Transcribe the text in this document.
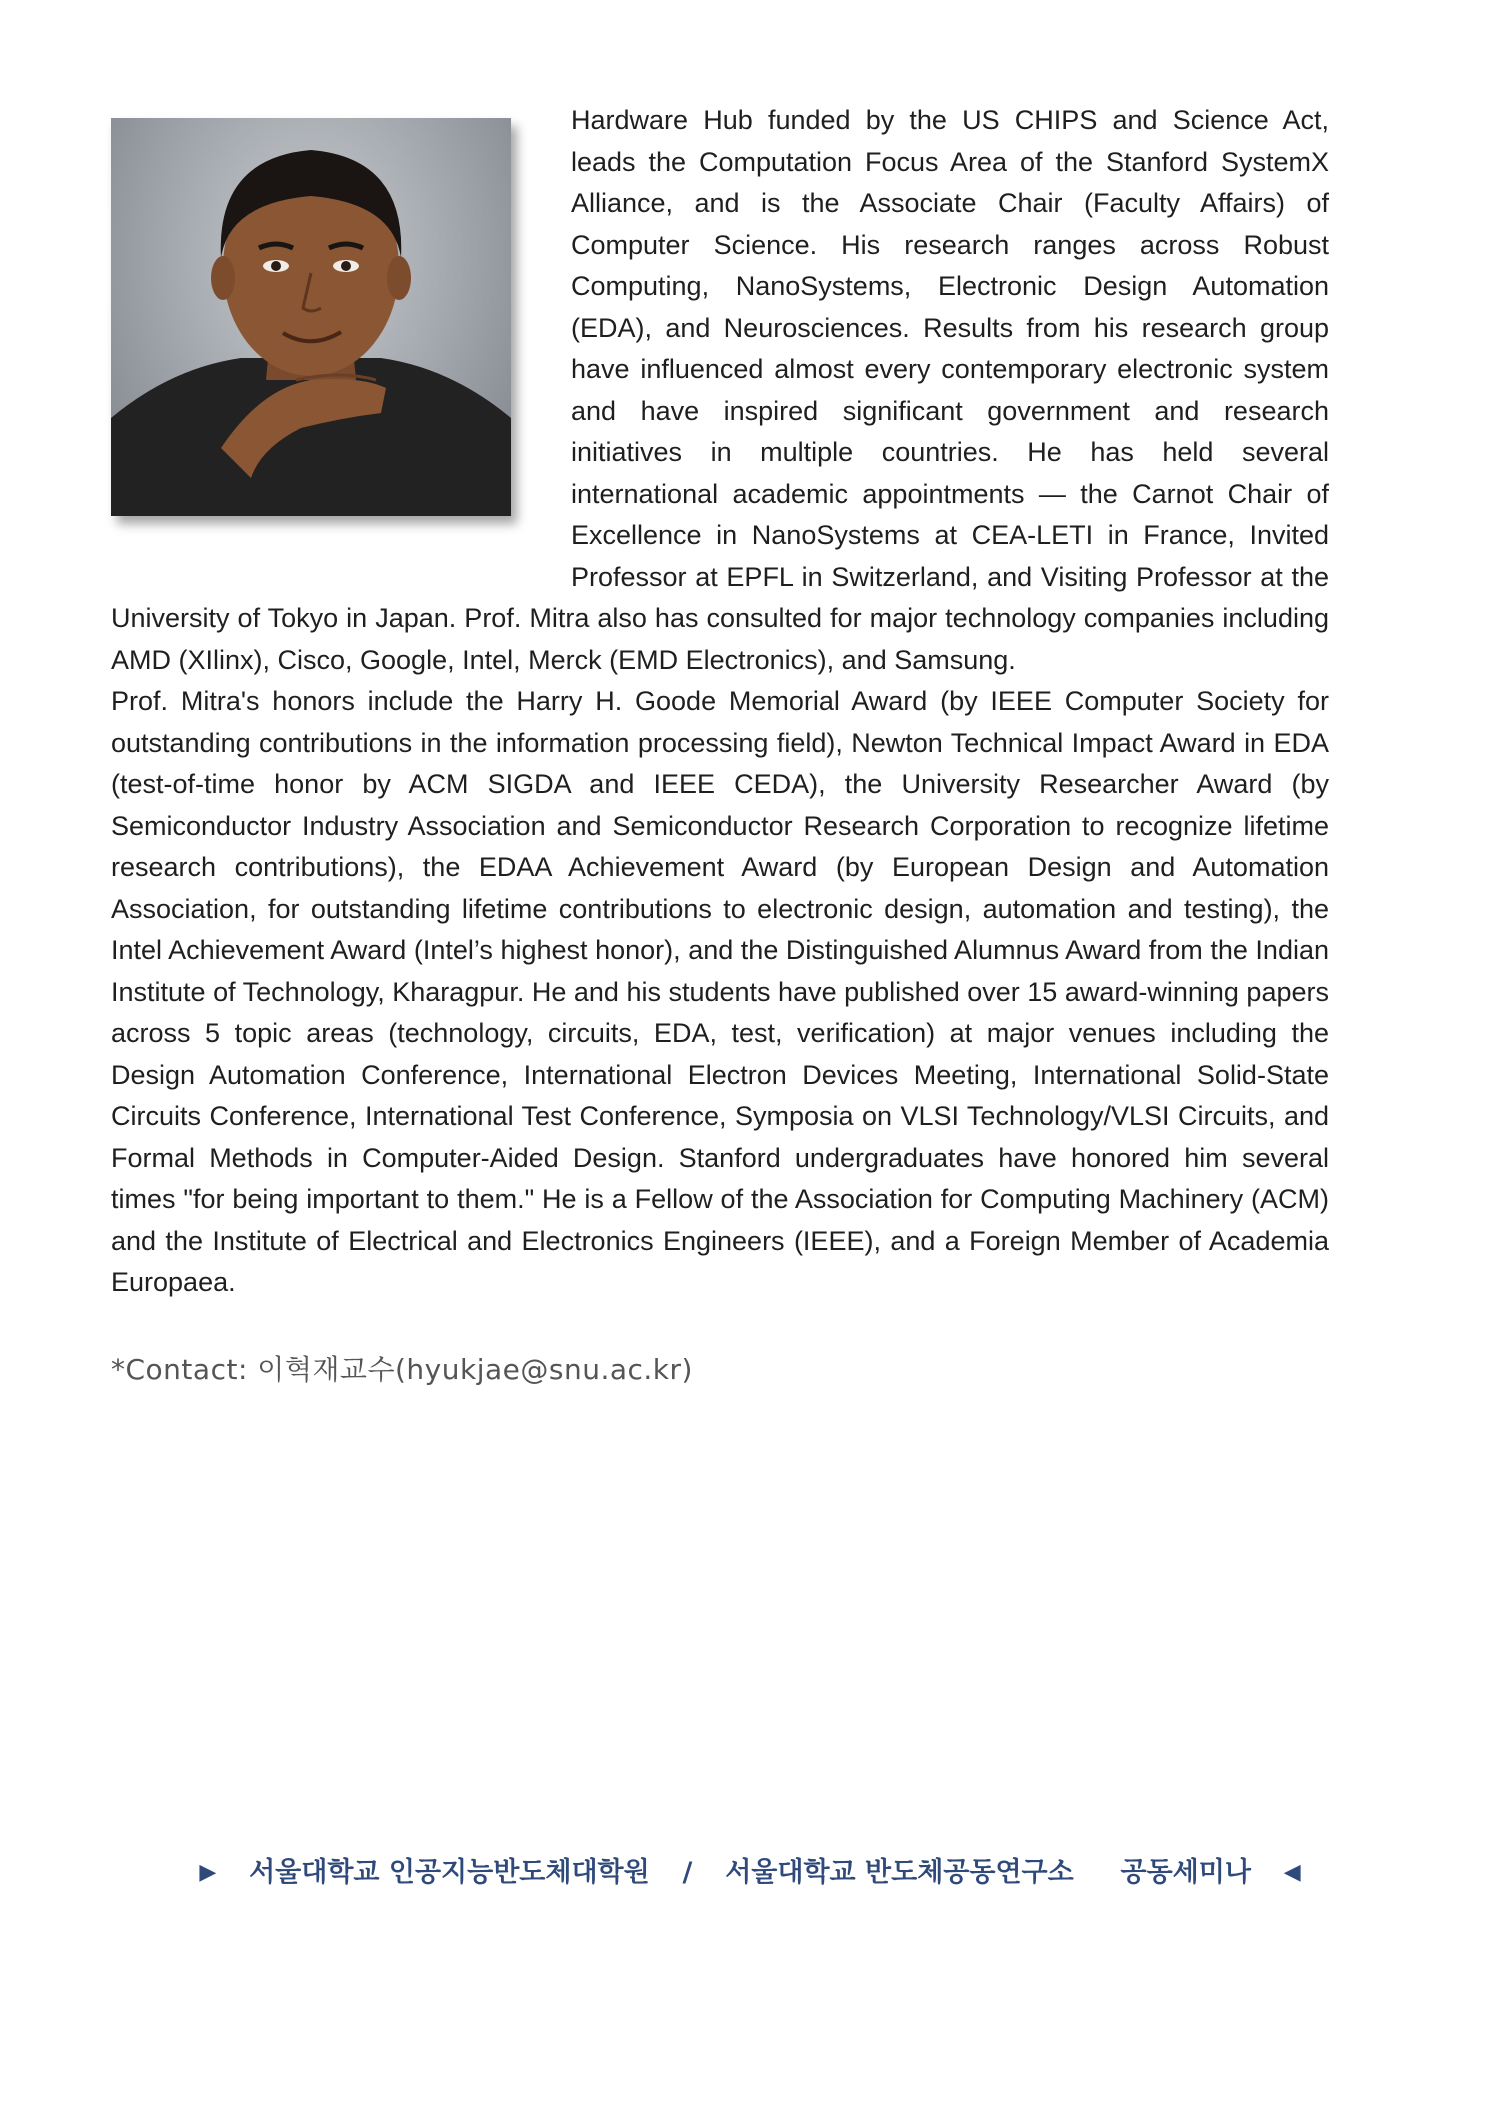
Hardware Hub funded by the US CHIPS and Science Act, leads the Computation Focus Area of the Stanford SystemX Alliance, and is the Associate Chair (Faculty Affairs) of Computer Science. His research ranges across Robust Computing, NanoSystems, Electronic Design Automation (EDA), and Neurosciences. Results from his research group have influenced almost every contemporary electronic system and have inspired significant government and research initiatives in multiple countries. He has held several international academic appointments — the Carnot Chair of Excellence in NanoSystems at CEA-LETI in France, Invited Professor at EPFL in Switzerland, and Visiting Professor at the University of Tokyo in Japan. Prof. Mitra also has consulted for major technology companies including AMD (XIlinx), Cisco, Google, Intel, Merck (EMD Electronics), and Samsung.

Prof. Mitra's honors include the Harry H. Goode Memorial Award (by IEEE Computer Society for outstanding contributions in the information processing field), Newton Technical Impact Award in EDA (test-of-time honor by ACM SIGDA and IEEE CEDA), the University Researcher Award (by Semiconductor Industry Association and Semiconductor Research Corporation to recognize lifetime research contributions), the EDAA Achievement Award (by European Design and Automation Association, for outstanding lifetime contributions to electronic design, automation and testing), the Intel Achievement Award (Intel’s highest honor), and the Distinguished Alumnus Award from the Indian Institute of Technology, Kharagpur. He and his students have published over 15 award-winning papers across 5 topic areas (technology, circuits, EDA, test, verification) at major venues including the Design Automation Conference, International Electron Devices Meeting, International Solid-State Circuits Conference, International Test Conference, Symposia on VLSI Technology/VLSI Circuits, and Formal Methods in Computer-Aided Design. Stanford undergraduates have honored him several times "for being important to them." He is a Fellow of the Association for Computing Machinery (ACM) and the Institute of Electrical and Electronics Engineers (IEEE), and a Foreign Member of Academia Europaea.

*Contact: 이혁재교수(hyukjae@snu.ac.kr)
▶ 서울대학교 인공지능반도체대학원 / 서울대학교 반도체공동연구소 공동세미나 ◀
